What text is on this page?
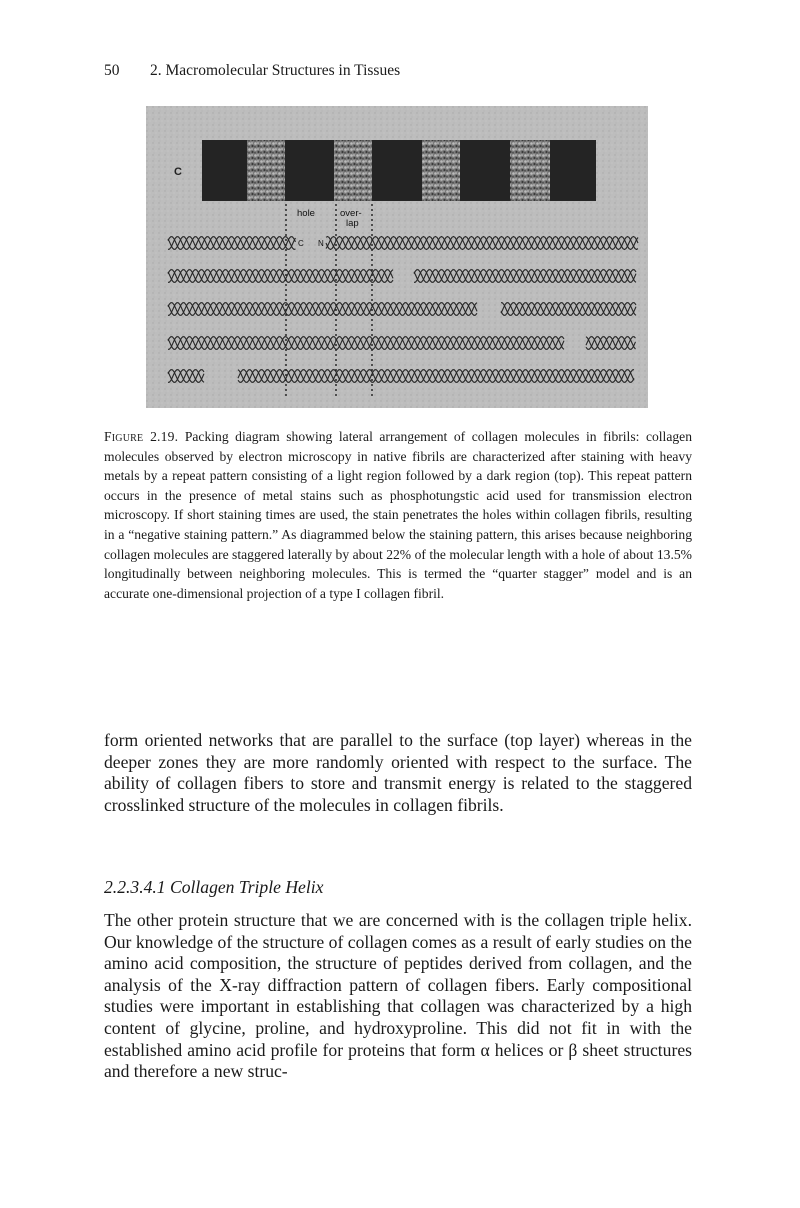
50 2. Macromolecular Structures in Tissues
C
hole	over-
lap
C N
Figure 2.19. Packing diagram showing lateral arrangement of collagen molecules in fibrils: collagen molecules observed by electron microscopy in native fibrils are characterized after staining with heavy metals by a repeat pattern consisting of a light region followed by a dark region (top). This repeat pattern occurs in the presence of metal stains such as phosphotungstic acid used for transmission electron microscopy. If short staining times are used, the stain penetrates the holes within collagen fibrils, resulting in a “negative staining pattern.” As diagrammed below the staining pattern, this arises because neighboring collagen molecules are staggered laterally by about 22% of the molecular length with a hole of about 13.5% longitudinally between neighboring molecules. This is termed the “quarter stagger” model and is an accurate one-dimensional projection of a type I collagen fibril.

form oriented networks that are parallel to the surface (top layer) whereas in the deeper zones they are more randomly oriented with respect to the surface. The ability of collagen fibers to store and transmit energy is related to the staggered crosslinked structure of the molecules in collagen fibrils.

2.2.3.4.1 Collagen Triple Helix

The other protein structure that we are concerned with is the collagen triple helix. Our knowledge of the structure of collagen comes as a result of early studies on the amino acid composition, the structure of peptides derived from collagen, and the analysis of the X-ray diffraction pattern of collagen fibers. Early compositional studies were important in establishing that collagen was characterized by a high content of glycine, proline, and hydroxyproline. This did not fit in with the established amino acid profile for proteins that form α helices or β sheet structures and therefore a new struc-
